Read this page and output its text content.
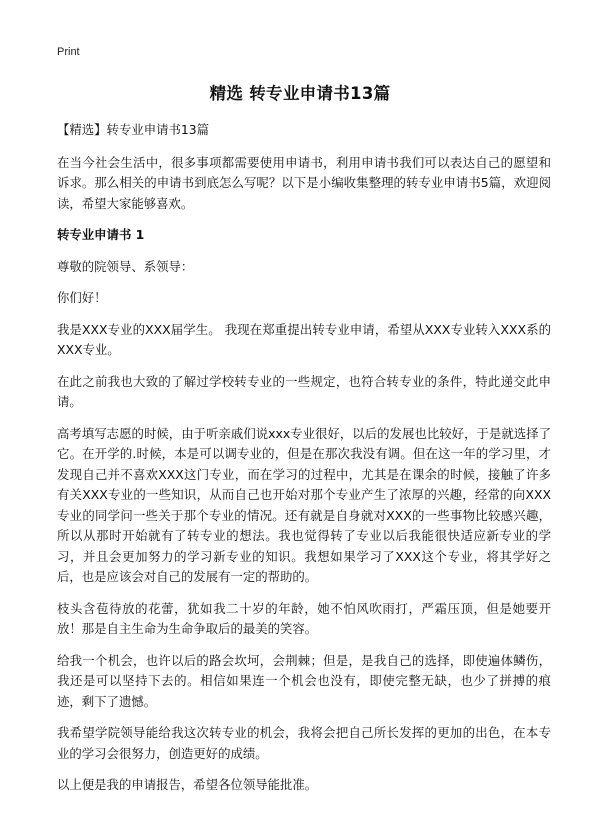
Print
精选 转专业申请书13篇

【精选】转专业申请书13篇

在当今社会生活中，很多事项都需要使用申请书，利用申请书我们可以表达自己的愿望和诉求。那么相关的申请书到底怎么写呢？以下是小编收集整理的转专业申请书5篇，欢迎阅读，希望大家能够喜欢。

转专业申请书 1

尊敬的院领导、系领导：

你们好！

我是XXX专业的XXX届学生。 我现在郑重提出转专业申请，希望从XXX专业转入XXX系的XXX专业。

在此之前我也大致的了解过学校转专业的一些规定，也符合转专业的条件，特此递交此申请。

高考填写志愿的时候，由于听亲戚们说xxx专业很好，以后的发展也比较好，于是就选择了它。在开学的.时候，本是可以调专业的，但是在那次我没有调。但在这一年的学习里，才发现自己并不喜欢XXX这门专业，而在学习的过程中，尤其是在课余的时候，接触了许多有关XXX专业的一些知识，从而自己也开始对那个专业产生了浓厚的兴趣，经常的向XXX专业的同学问一些关于那个专业的情况。还有就是自身就对XXX的一些事物比较感兴趣，所以从那时开始就有了转专业的想法。我也觉得转了专业以后我能很快适应新专业的学习，并且会更加努力的学习新专业的知识。我想如果学习了XXX这个专业，将其学好之后，也是应该会对自己的发展有一定的帮助的。

枝头含苞待放的花蕾，犹如我二十岁的年龄，她不怕风吹雨打，严霜压顶，但是她要开放！那是自主生命为生命争取后的最美的笑容。

给我一个机会，也许以后的路会坎坷，会荆棘；但是，是我自己的选择，即使遍体鳞伤，我还是可以坚持下去的。相信如果连一个机会也没有，即使完整无缺，也少了拼搏的痕迹，剩下了遗憾。

我希望学院领导能给我这次转专业的机会，我将会把自己所长发挥的更加的出色，在本专业的学习会很努力，创造更好的成绩。

以上便是我的申请报告，希望各位领导能批准。
